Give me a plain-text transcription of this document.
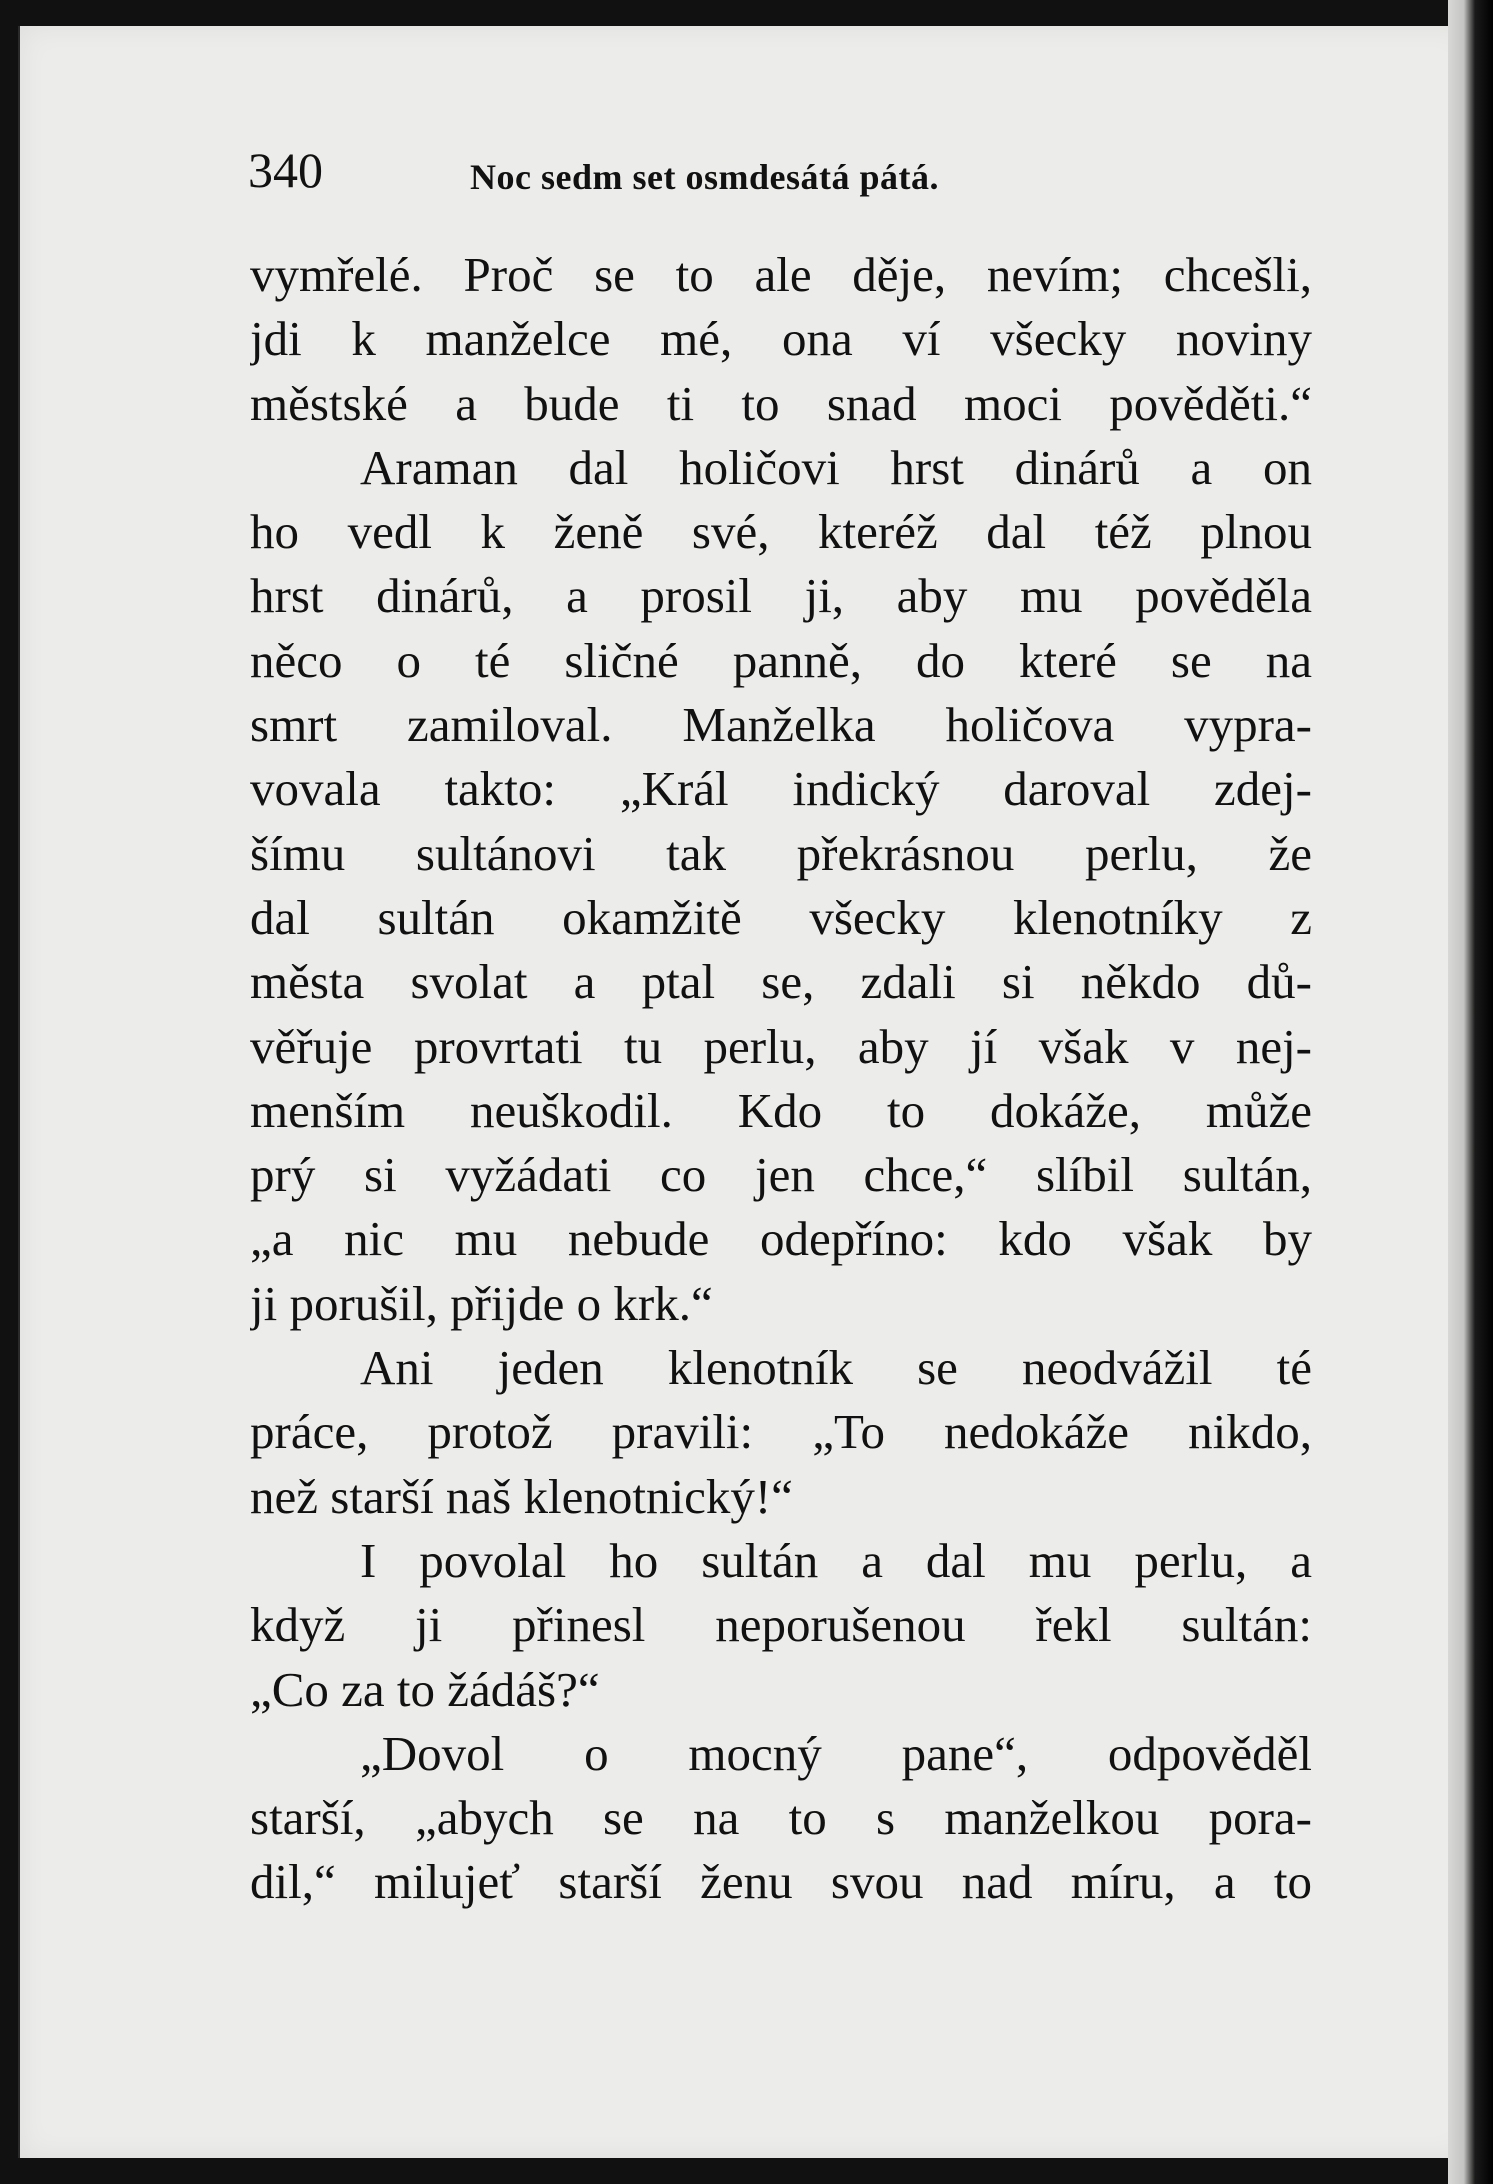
340	Noc sedm set osmdesátá pátá.
vymřelé. Proč se to ale děje, nevím; chcešli,
jdi k manželce mé, ona ví všecky noviny
městské a bude ti to snad moci pověděti.“
Araman dal holičovi hrst dinárů a on
ho vedl k ženě své, kteréž dal též plnou
hrst dinárů, a prosil ji, aby mu pověděla
něco o té sličné panně, do které se na
smrt zamiloval. Manželka holičova vypra-
vovala takto: „Král indický daroval zdej-
šímu sultánovi tak překrásnou perlu, že
dal sultán okamžitě všecky klenotníky z
města svolat a ptal se, zdali si někdo dů-
věřuje provrtati tu perlu, aby jí však v nej-
menším neuškodil. Kdo to dokáže, může
prý si vyžádati co jen chce,“ slíbil sultán,
„a nic mu nebude odepříno: kdo však by
ji porušil, přijde o krk.“
Ani jeden klenotník se neodvážil té
práce, protož pravili: „To nedokáže nikdo,
než starší naš klenotnický!“
I povolal ho sultán a dal mu perlu, a
když ji přinesl neporušenou řekl sultán:
„Co za to žádáš?“
„Dovol o mocný pane“, odpověděl
starší, „abych se na to s manželkou pora-
dil,“ milujeť starší ženu svou nad míru, a to
